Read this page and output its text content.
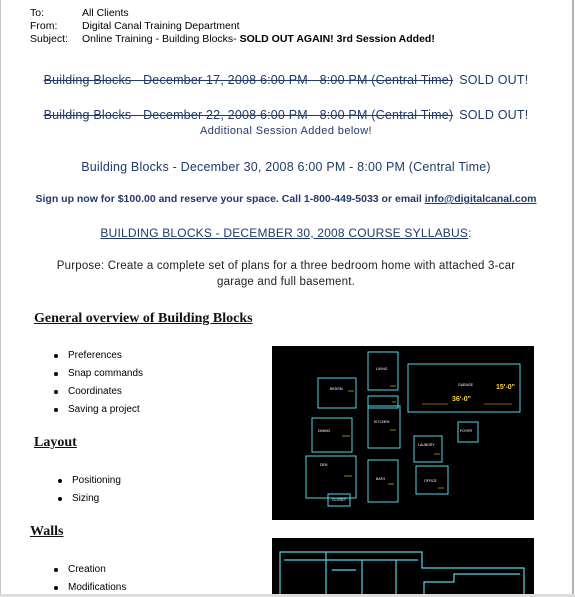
To:	All Clients
From: Digital Canal Training Department
Subject: Online Training - Building Blocks- SOLD OUT AGAIN! 3rd Session Added!
Building Blocks - December 17, 2008 6:00 PM - 8:00 PM (Central Time) SOLD OUT!
Building Blocks - December 22, 2008 6:00 PM - 8:00 PM (Central Time) SOLD OUT!
Additional Session Added below!
Building Blocks - December 30, 2008 6:00 PM - 8:00 PM (Central Time)
Sign up now for $100.00 and reserve your space. Call 1-800-449-5033 or email info@digitalcanal.com
BUILDING BLOCKS - DECEMBER 30, 2008 COURSE SYLLABUS:
Purpose: Create a complete set of plans for a three bedroom home with attached 3-car
garage and full basement.
General overview of Building Blocks
Preferences
Snap commands
Coordinates
Saving a project
Layout
Positioning
Sizing
Walls
Creation
Modifications
LIVING
KITCHEN
GARAGE
BEDRM
DINING
BATH	OFFICE
DEN
LAUNDRY
FOYER
CLOSET
15'-0"
36'-0"
